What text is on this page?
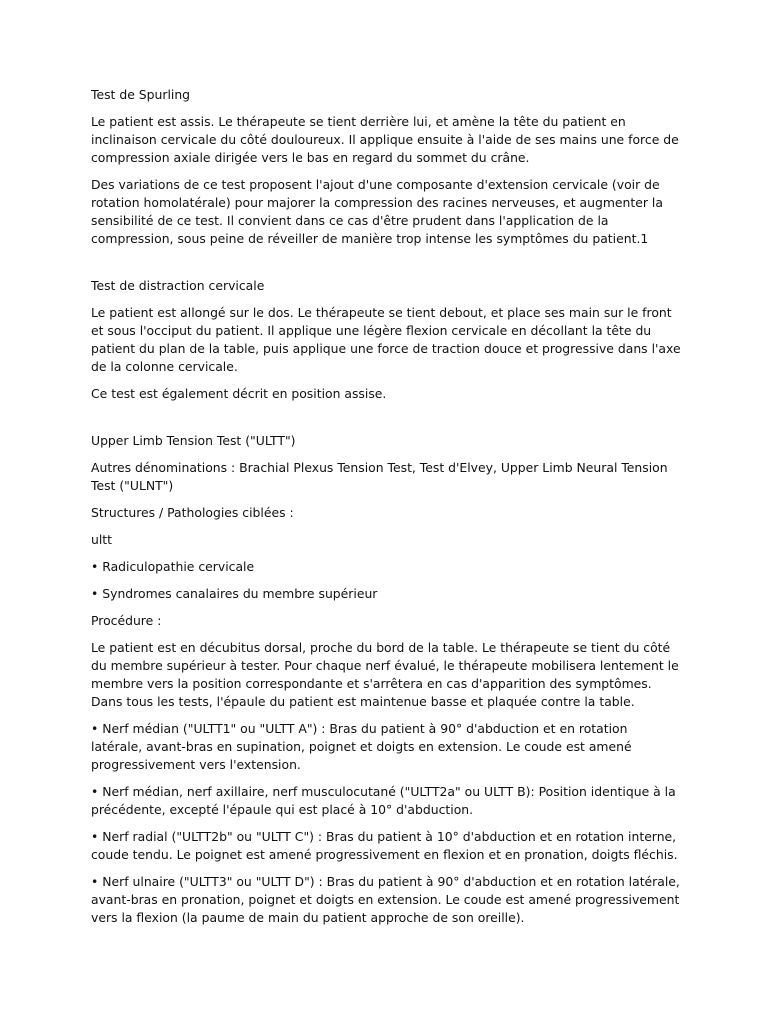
Test de Spurling

Le patient est assis. Le thérapeute se tient derrière lui, et amène la tête du patient en inclinaison cervicale du côté douloureux. Il applique ensuite à l'aide de ses mains une force de compression axiale dirigée vers le bas en regard du sommet du crâne.

Des variations de ce test proposent l'ajout d'une composante d'extension cervicale (voir de rotation homolatérale) pour majorer la compression des racines nerveuses, et augmenter la sensibilité de ce test. Il convient dans ce cas d'être prudent dans l'application de la compression, sous peine de réveiller de manière trop intense les symptômes du patient.1

Test de distraction cervicale

Le patient est allongé sur le dos. Le thérapeute se tient debout, et place ses main sur le front et sous l'occiput du patient. Il applique une légère flexion cervicale en décollant la tête du patient du plan de la table, puis applique une force de traction douce et progressive dans l'axe de la colonne cervicale.

Ce test est également décrit en position assise.

Upper Limb Tension Test ("ULTT")

Autres dénominations : Brachial Plexus Tension Test, Test d'Elvey, Upper Limb Neural Tension Test ("ULNT")

Structures / Pathologies ciblées :

ultt

• Radiculopathie cervicale

• Syndromes canalaires du membre supérieur

Procédure :

Le patient est en décubitus dorsal, proche du bord de la table. Le thérapeute se tient du côté du membre supérieur à tester. Pour chaque nerf évalué, le thérapeute mobilisera lentement le membre vers la position correspondante et s'arrêtera en cas d'apparition des symptômes. Dans tous les tests, l'épaule du patient est maintenue basse et plaquée contre la table.

• Nerf médian ("ULTT1" ou "ULTT A") : Bras du patient à 90° d'abduction et en rotation latérale, avant-bras en supination, poignet et doigts en extension. Le coude est amené progressivement vers l'extension.

• Nerf médian, nerf axillaire, nerf musculocutané ("ULTT2a" ou ULTT B): Position identique à la précédente, excepté l'épaule qui est placé à 10° d'abduction.

• Nerf radial ("ULTT2b" ou "ULTT C") : Bras du patient à 10° d'abduction et en rotation interne, coude tendu. Le poignet est amené progressivement en flexion et en pronation, doigts fléchis.

• Nerf ulnaire ("ULTT3" ou "ULTT D") : Bras du patient à 90° d'abduction et en rotation latérale, avant-bras en pronation, poignet et doigts en extension. Le coude est amené progressivement vers la flexion (la paume de main du patient approche de son oreille).
